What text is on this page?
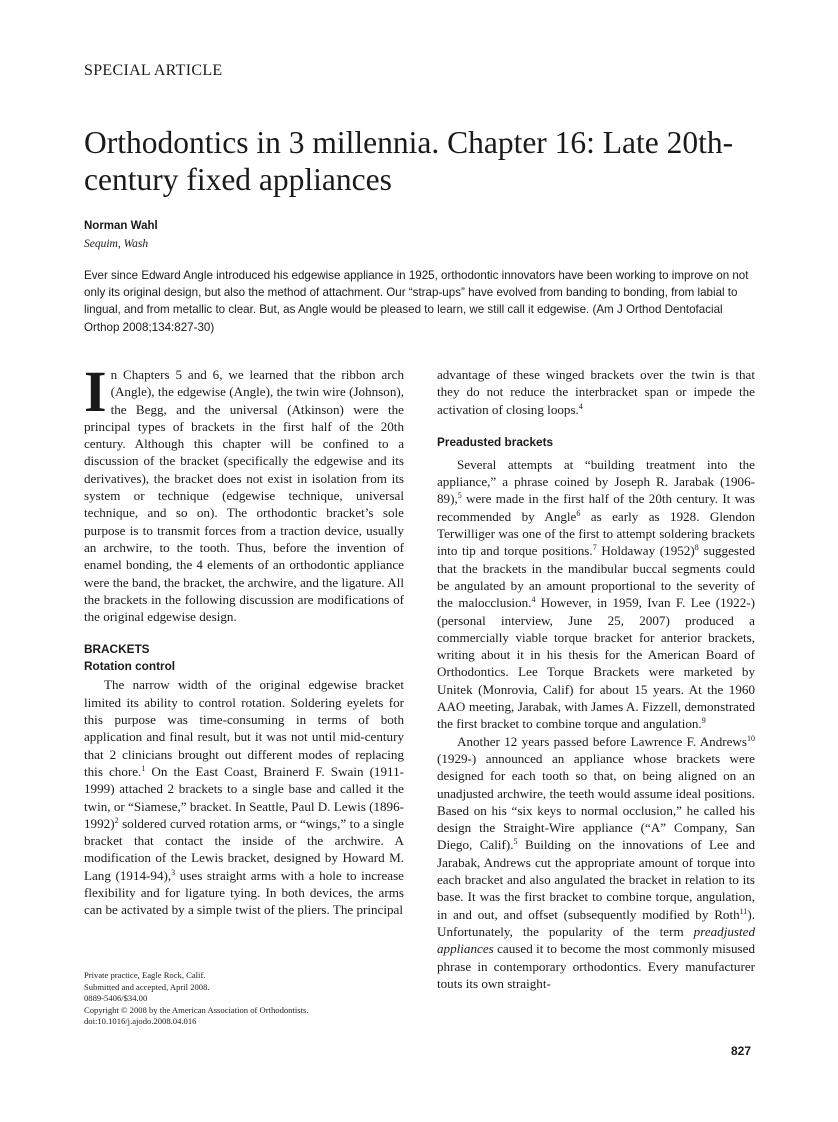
SPECIAL ARTICLE
Orthodontics in 3 millennia. Chapter 16: Late 20th-century fixed appliances
Norman Wahl
Sequim, Wash
Ever since Edward Angle introduced his edgewise appliance in 1925, orthodontic innovators have been working to improve on not only its original design, but also the method of attachment. Our “strap-ups” have evolved from banding to bonding, from labial to lingual, and from metallic to clear. But, as Angle would be pleased to learn, we still call it edgewise. (Am J Orthod Dentofacial Orthop 2008;134:827-30)

I n Chapters 5 and 6, we learned that the ribbon arch (Angle), the edgewise (Angle), the twin wire (Johnson), the Begg, and the universal (Atkinson) were the principal types of brackets in the first half of the 20th century. Although this chapter will be confined to a discussion of the bracket (specifically the edgewise and its derivatives), the bracket does not exist in isolation from its system or technique (edgewise technique, universal technique, and so on). The orthodontic bracket’s sole purpose is to transmit forces from a traction device, usually an archwire, to the tooth. Thus, before the invention of enamel bonding, the 4 elements of an orthodontic appliance were the band, the bracket, the archwire, and the ligature. All the brackets in the following discussion are modifications of the original edgewise design.

BRACKETS
Rotation control

The narrow width of the original edgewise bracket limited its ability to control rotation. Soldering eyelets for this purpose was time-consuming in terms of both application and final result, but it was not until mid-century that 2 clinicians brought out different modes of replacing this chore.$^1$ On the East Coast, Brainerd F. Swain (1911-1999) attached 2 brackets to a single base and called it the twin, or “Siamese,” bracket. In Seattle, Paul D. Lewis (1896-1992)$^2$ soldered curved rotation arms, or “wings,” to a single bracket that contact the inside of the archwire. A modification of the Lewis bracket, designed by Howard M. Lang (1914-94),$^3$ uses straight arms with a hole to increase flexibility and for ligature tying. In both devices, the arms can be activated by a simple twist of the pliers. The principal

advantage of these winged brackets over the twin is that they do not reduce the interbracket span or impede the activation of closing loops.$^4$

Preadusted brackets

Several attempts at “building treatment into the appliance,” a phrase coined by Joseph R. Jarabak (1906-89),$^5$ were made in the first half of the 20th century. It was recommended by Angle$^6$ as early as 1928. Glendon Terwilliger was one of the first to attempt soldering brackets into tip and torque positions.$^7$ Holdaway $(1952)^8$ suggested that the brackets in the mandibular buccal segments could be angulated by an amount proportional to the severity of the malocclusion.$^4$ However, in 1959, Ivan F. Lee (1922-) (personal interview, June 25, 2007) produced a commercially viable torque bracket for anterior brackets, writing about it in his thesis for the American Board of Orthodontics. Lee Torque Brackets were marketed by Unitek (Monrovia, Calif) for about 15 years. At the 1960 AAO meeting, Jarabak, with James A. Fizzell, demonstrated the first bracket to combine torque and angulation.$^9$

Another 12 years passed before Lawrence F. Andrews$^{10}$ (1929-) announced an appliance whose brackets were designed for each tooth so that, on being aligned on an unadjusted archwire, the teeth would assume ideal positions. Based on his “six keys to normal occlusion,” he called his design the Straight-Wire appliance (“A” Company, San Diego, Calif).$^5$ Building on the innovations of Lee and Jarabak, Andrews cut the appropriate amount of torque into each bracket and also angulated the bracket in relation to its base. It was the first bracket to combine torque, angulation, in and out, and offset (subsequently modified by Roth$^{11}$). Unfortunately, the popularity of the term preadjusted appliances caused it to become the most commonly misused phrase in contemporary orthodontics. Every manufacturer touts its own straight-

Private practice, Eagle Rock, Calif.
Submitted and accepted, April 2008.
0889-5406/$34.00
Copyright © 2008 by the American Association of Orthodontists.
doi:10.1016/j.ajodo.2008.04.016
827
